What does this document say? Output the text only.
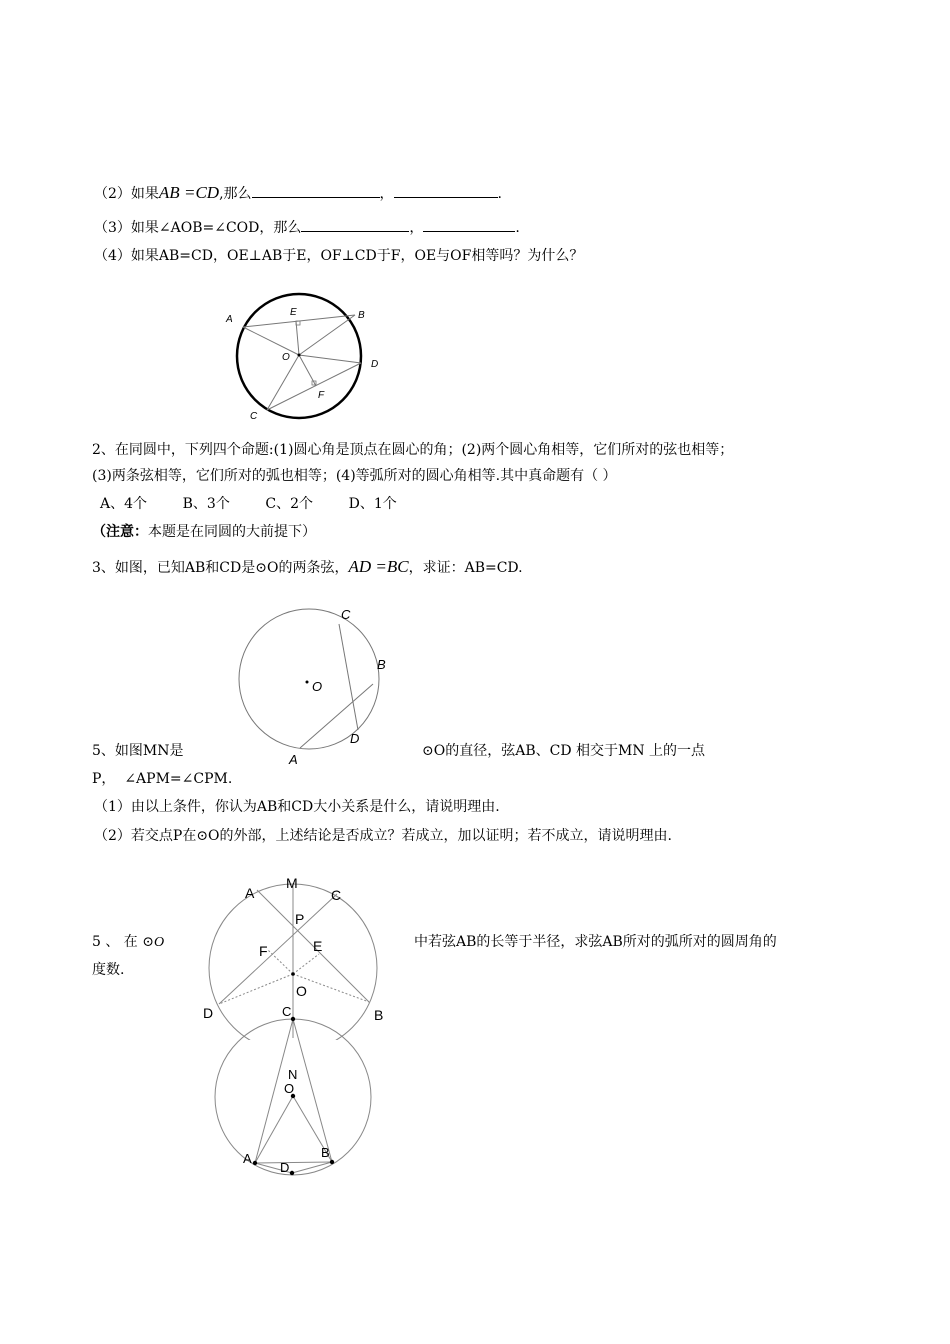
（2）如果AB =CD,那么	，	.
（3）如果∠AOB=∠COD，那么	，	.
（4）如果AB=CD，OE⊥AB于E，OF⊥CD于F，OE与OF相等吗？为什么？
A	B
C
D
E
F
O
2、在同圆中，下列四个命题:(1)圆心角是顶点在圆心的角；(2)两个圆心角相等，它们所对的弦也相等；
(3)两条弦相等，它们所对的弧也相等；(4)等弧所对的圆心角相等.其中真命题有（ ）
A、4个        B、3个        C、2个        D、1个
（注意：本题是在同圆的大前提下）
3、如图，已知AB和CD是⊙O的两条弦，AD =BC，求证：AB=CD.
C
B
D
A
O
5、如图MN是	⊙O的直径，弦AB、CD 相交于MN 上的一点
P，  ∠APM=∠CPM.
（1）由以上条件，你认为AB和CD大小关系是什么，请说明理由.
（2）若交点P在⊙O的外部，上述结论是否成立？若成立，加以证明；若不成立，请说明理由.
A
M
C
P
F	E
O
D	B
5 、 在 ⊙O	中若弦AB的长等于半径，求弦AB所对的弧所对的圆周角的
度数.
C
N
O
A	B
D
